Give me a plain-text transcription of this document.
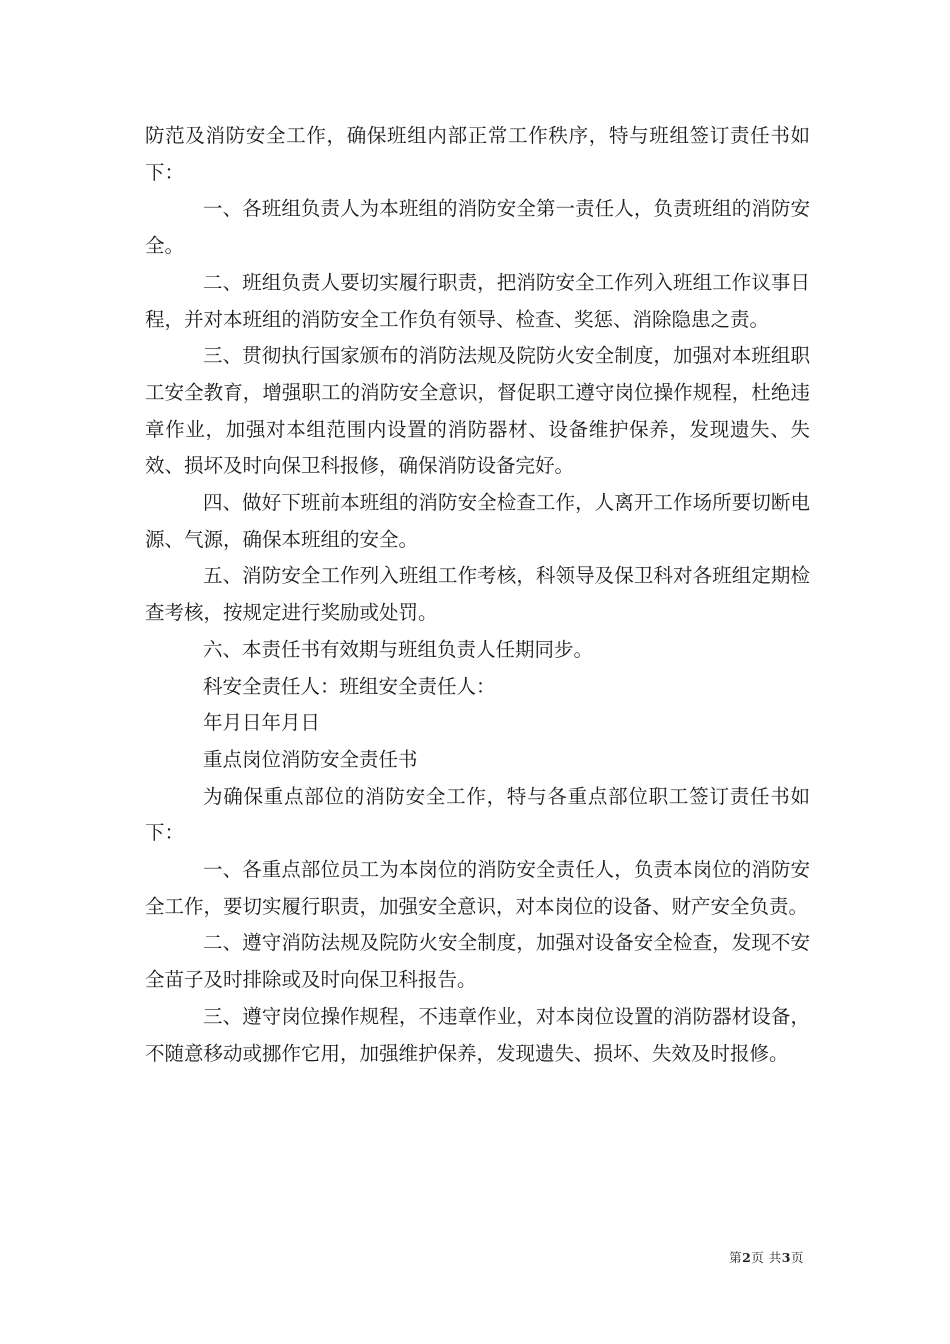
防范及消防安全工作，确保班组内部正常工作秩序，特与班组签订责任书如下：

一、各班组负责人为本班组的消防安全第一责任人，负责班组的消防安全。

二、班组负责人要切实履行职责，把消防安全工作列入班组工作议事日程，并对本班组的消防安全工作负有领导、检查、奖惩、消除隐患之责。

三、贯彻执行国家颁布的消防法规及院防火安全制度，加强对本班组职工安全教育，增强职工的消防安全意识，督促职工遵守岗位操作规程，杜绝违章作业，加强对本组范围内设置的消防器材、设备维护保养，发现遗失、失效、损坏及时向保卫科报修，确保消防设备完好。

四、做好下班前本班组的消防安全检查工作，人离开工作场所要切断电源、气源，确保本班组的安全。

五、消防安全工作列入班组工作考核，科领导及保卫科对各班组定期检查考核，按规定进行奖励或处罚。

六、本责任书有效期与班组负责人任期同步。

科安全责任人：班组安全责任人：

年月日年月日

重点岗位消防安全责任书

为确保重点部位的消防安全工作，特与各重点部位职工签订责任书如下：

一、各重点部位员工为本岗位的消防安全责任人，负责本岗位的消防安全工作，要切实履行职责，加强安全意识，对本岗位的设备、财产安全负责。

二、遵守消防法规及院防火安全制度，加强对设备安全检查，发现不安全苗子及时排除或及时向保卫科报告。

三、遵守岗位操作规程，不违章作业，对本岗位设置的消防器材设备，不随意移动或挪作它用，加强维护保养，发现遗失、损坏、失效及时报修。

第2页 共3页
